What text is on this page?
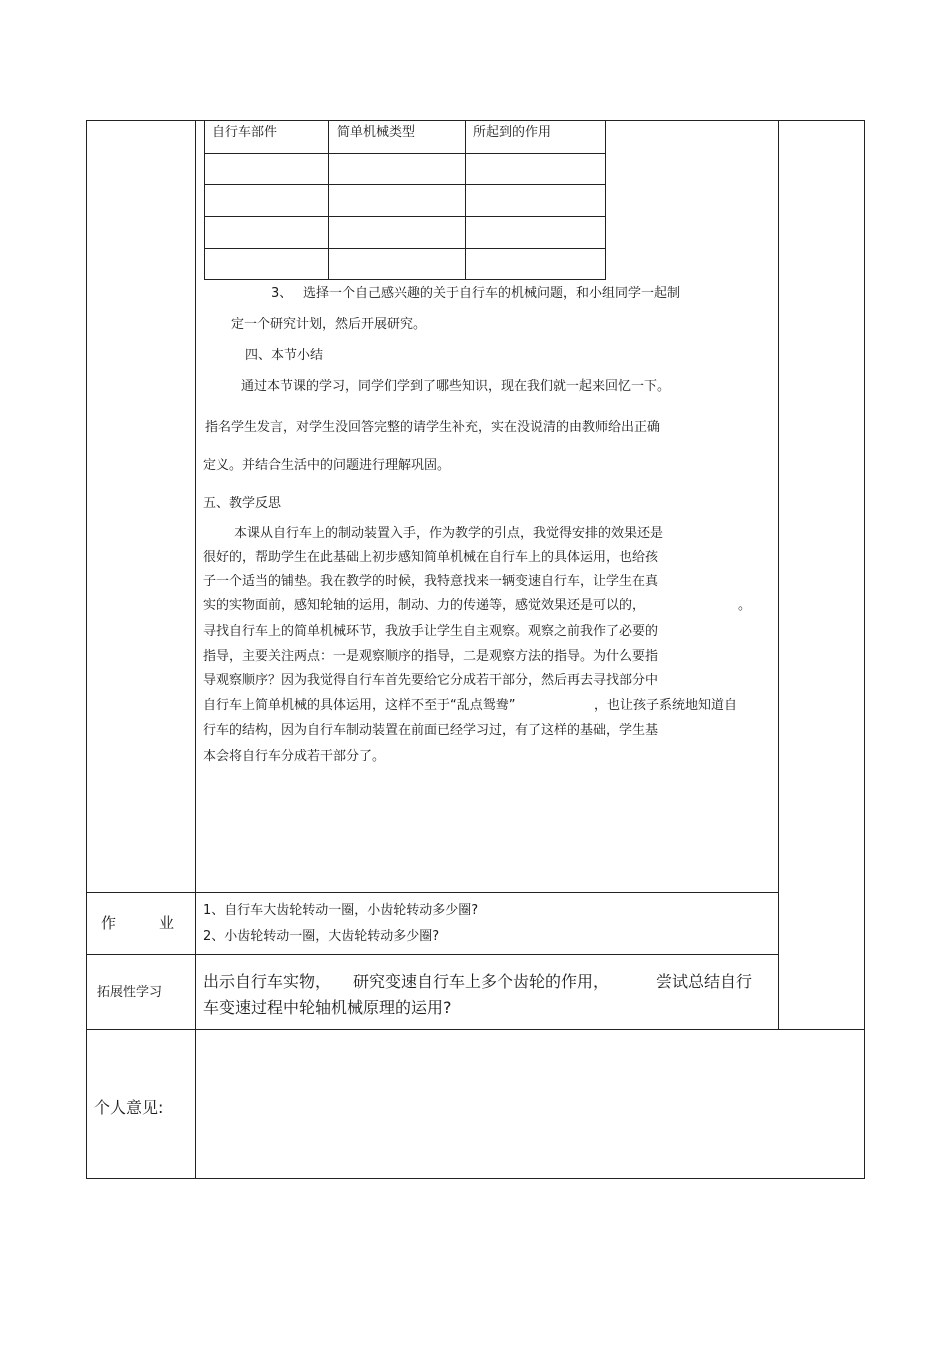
自行车部件	简单机械类型	所起到的作用
3、 选择一个自己感兴趣的关于自行车的机械问题，和小组同学一起制
定一个研究计划，然后开展研究。
四、本节小结
通过本节课的学习，同学们学到了哪些知识，现在我们就一起来回忆一下。
指名学生发言，对学生没回答完整的请学生补充，实在没说清的由教师给出正确
定义。并结合生活中的问题进行理解巩固。
五、教学反思
本课从自行车上的制动装置入手，作为教学的引点，我觉得安排的效果还是
很好的，帮助学生在此基础上初步感知简单机械在自行车上的具体运用，也给孩
子一个适当的铺垫。我在教学的时候，我特意找来一辆变速自行车，让学生在真
实的实物面前，感知轮轴的运用，制动、力的传递等，感觉效果还是可以的，	。
寻找自行车上的简单机械环节，我放手让学生自主观察。观察之前我作了必要的
指导，主要关注两点：一是观察顺序的指导，二是观察方法的指导。为什么要指
导观察顺序？因为我觉得自行车首先要给它分成若干部分，然后再去寻找部分中
自行车上简单机械的具体运用，这样不至于“乱点鸳鸯”	，也让孩子系统地知道自
行车的结构，因为自行车制动装置在前面已经学习过，有了这样的基础，学生基
本会将自行车分成若干部分了。
作	业
1、自行车大齿轮转动一圈，小齿轮转动多少圈?
2、小齿轮转动一圈，大齿轮转动多少圈?
拓展性学习
出示自行车实物， 研究变速自行车上多个齿轮的作用，	尝试总结自行
车变速过程中轮轴机械原理的运用?
个人意见:
